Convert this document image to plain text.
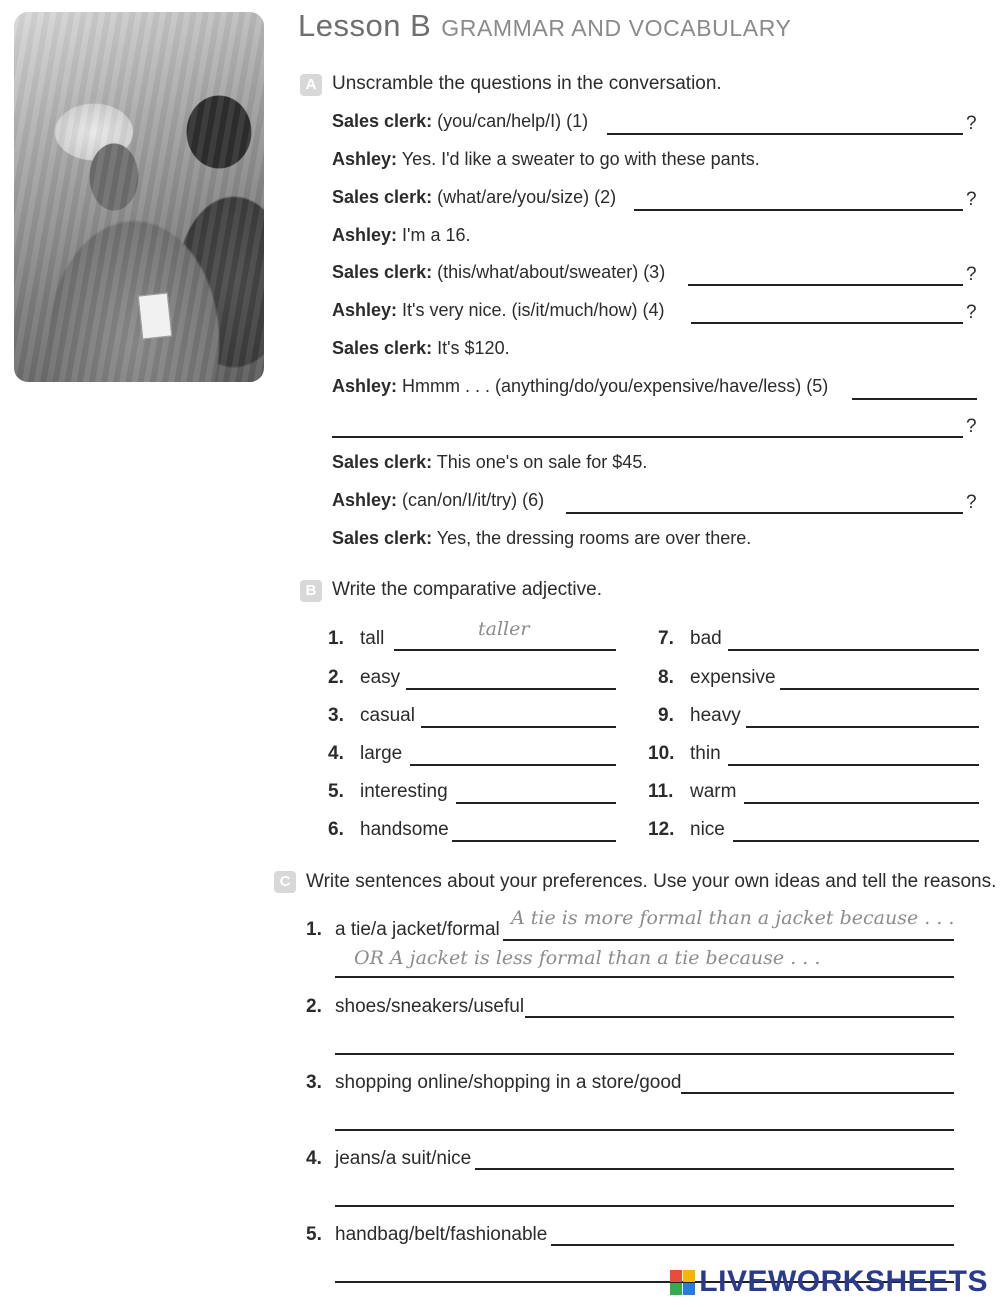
Lesson B GRAMMAR AND VOCABULARY
A Unscramble the questions in the conversation.
Sales clerk: (you/can/help/I) (1)
Ashley: Yes. I'd like a sweater to go with these pants.
Sales clerk: (what/are/you/size) (2)
Ashley: I'm a 16.
Sales clerk: (this/what/about/sweater) (3)
Ashley: It's very nice. (is/it/much/how) (4)
Sales clerk: It's $120.
Ashley: Hmmm . . . (anything/do/you/expensive/have/less) (5)
Sales clerk: This one's on sale for $45.
Ashley: (can/on/I/it/try) (6)
Sales clerk: Yes, the dressing rooms are over there.
?
?
?
?
?
?
B Write the comparative adjective.
1. tall	taller
2. easy
3. casual
4. large
5. interesting
6. handsome
7. bad
8. expensive
9. heavy
10. thin
11. warm
12. nice
C Write sentences about your preferences. Use your own ideas and tell the reasons.
1. a tie/a jacket/formal
A tie is more formal than a jacket because . . .
OR A jacket is less formal than a tie because . . .
2. shoes/sneakers/useful
3. shopping online/shopping in a store/good
4. jeans/a suit/nice
5. handbag/belt/fashionable
LIVEWORKSHEETS
